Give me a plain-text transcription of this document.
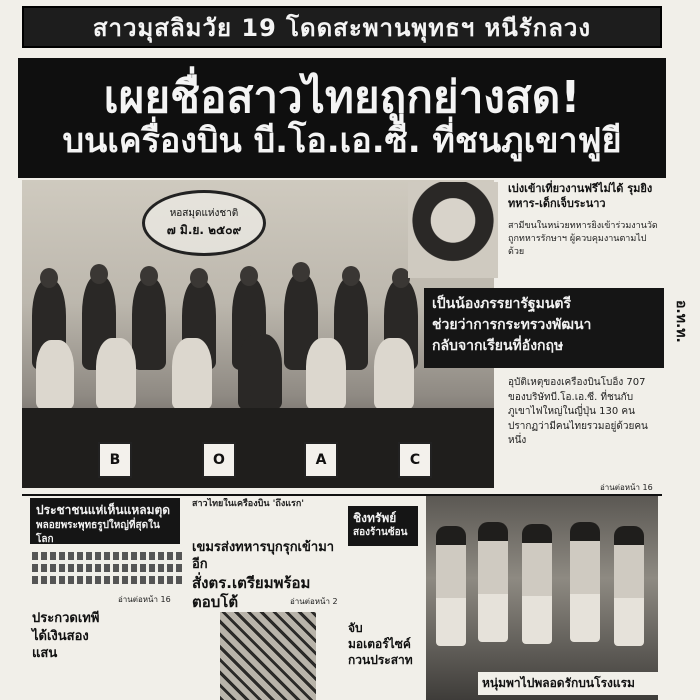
สาวมุสลิมวัย 19 โดดสะพานพุทธฯ หนีรักลวง
เผยชื่อสาวไทยถูกย่างสด!
บนเครื่องบิน บี.โอ.เอ.ซี. ที่ชนภูเขาฟูยี
หอสมุดแห่งชาติ
๗ มิ.ย. ๒๕๐๙
B	O	A	C
เบ่งเข้าเที่ยวงานฟรีไม่ได้ รุมยิงทหาร-เด็กเจ็บระนาว
สามีขนในหน่วยทหารยิงเข้าร่วมงานวัด ถูกทหารรักษาฯ ผู้ควบคุมงานตามไปด้วย
เป็นน้องภรรยารัฐมนตรี
ช่วยว่าการกระทรวงพัฒนา
กลับจากเรียนที่อังกฤษ
อ.ท.ท.
อุบัติเหตุของเครื่องบินโบอิ้ง 707 ของบริษัทบี.โอ.เอ.ซี. ที่ชนกับภูเขาไฟใหญ่ในญี่ปุ่น 130 คนปรากฏว่ามีคนไทยรวมอยู่ด้วยคนหนึ่ง
อ่านต่อหน้า 16
ประชาชนแห่เห็นแหลมตุด
พลอยพระพุทธรูปใหญ่ที่สุดในโลก
อ่านต่อหน้า 16
ประกวดเทพี
ได้เงินสองแสน
สาวไทยในเครื่องบิน 'ถึงแรก'
เขมรส่งทหารบุกรุกเข้ามาอีก
สั่งตร.เตรียมพร้อมตอบโต้	อ่านต่อหน้า 2
ชิงทรัพย์
สองร้านซ้อน
จับมอเตอร์ไซค์
กวนประสาท
หนุ่มพาไปพลอดรักบนโรงแรม
